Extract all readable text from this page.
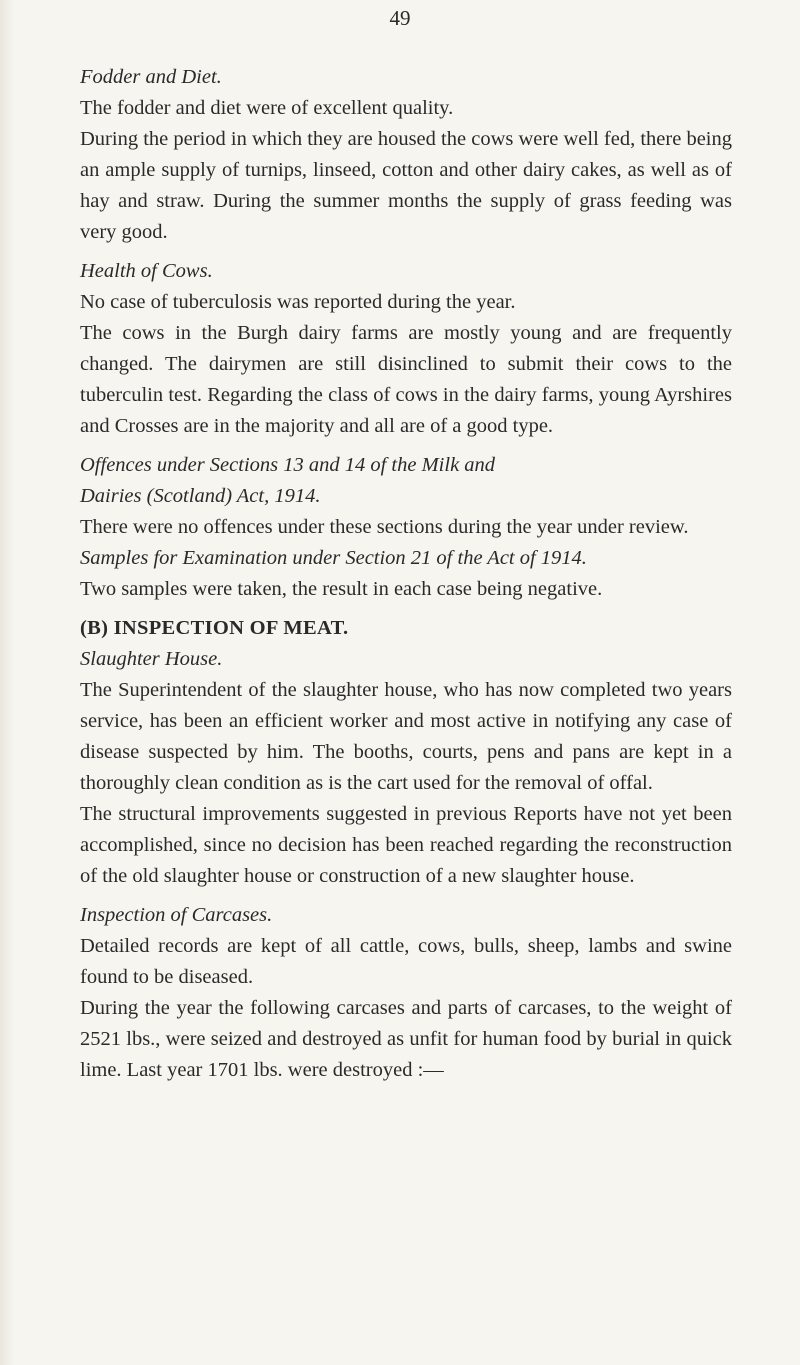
49

Fodder and Diet.

The fodder and diet were of excellent quality.

During the period in which they are housed the cows were well fed, there being an ample supply of turnips, linseed, cotton and other dairy cakes, as well as of hay and straw. During the summer months the supply of grass feeding was very good.

Health of Cows.

No case of tuberculosis was reported during the year.

The cows in the Burgh dairy farms are mostly young and are frequently changed. The dairymen are still disinclined to submit their cows to the tuberculin test. Regarding the class of cows in the dairy farms, young Ayrshires and Crosses are in the majority and all are of a good type.

Offences under Sections 13 and 14 of the Milk and

Dairies (Scotland) Act, 1914.

There were no offences under these sections during the year under review.

Samples for Examination under Section 21 of the Act of 1914.

Two samples were taken, the result in each case being negative.

(B) INSPECTION OF MEAT.

Slaughter House.

The Superintendent of the slaughter house, who has now completed two years service, has been an efficient worker and most active in notifying any case of disease suspected by him. The booths, courts, pens and pans are kept in a thoroughly clean condition as is the cart used for the removal of offal.

The structural improvements suggested in previous Reports have not yet been accomplished, since no decision has been reached regarding the reconstruction of the old slaughter house or construction of a new slaughter house.

Inspection of Carcases.

Detailed records are kept of all cattle, cows, bulls, sheep, lambs and swine found to be diseased.

During the year the following carcases and parts of carcases, to the weight of 2521 lbs., were seized and destroyed as unfit for human food by burial in quick lime. Last year 1701 lbs. were destroyed :—
